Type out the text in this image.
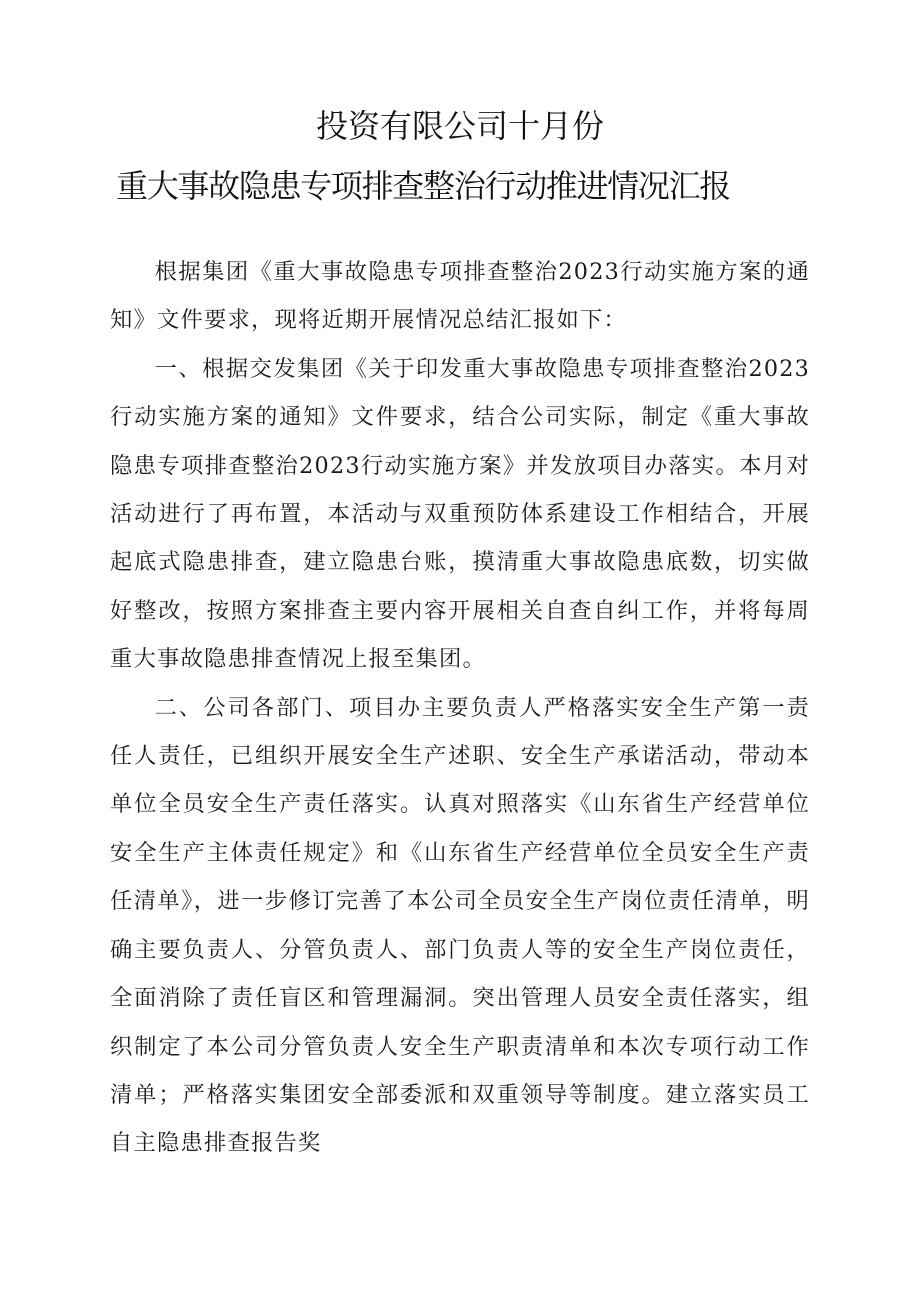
投资有限公司十月份
重大事故隐患专项排查整治行动推进情况汇报

根据集团《重大事故隐患专项排查整治2023行动实施方案的通知》文件要求，现将近期开展情况总结汇报如下：

一、根据交发集团《关于印发重大事故隐患专项排查整治2023行动实施方案的通知》文件要求，结合公司实际，制定《重大事故隐患专项排查整治2023行动实施方案》并发放项目办落实。本月对活动进行了再布置，本活动与双重预防体系建设工作相结合，开展起底式隐患排查，建立隐患台账，摸清重大事故隐患底数，切实做好整改，按照方案排查主要内容开展相关自查自纠工作，并将每周重大事故隐患排查情况上报至集团。

二、公司各部门、项目办主要负责人严格落实安全生产第一责任人责任，已组织开展安全生产述职、安全生产承诺活动，带动本单位全员安全生产责任落实。认真对照落实《山东省生产经营单位安全生产主体责任规定》和《山东省生产经营单位全员安全生产责任清单》，进一步修订完善了本公司全员安全生产岗位责任清单，明确主要负责人、分管负责人、部门负责人等的安全生产岗位责任，全面消除了责任盲区和管理漏洞。突出管理人员安全责任落实，组织制定了本公司分管负责人安全生产职责清单和本次专项行动工作清单；严格落实集团安全部委派和双重领导等制度。建立落实员工自主隐患排查报告奖
